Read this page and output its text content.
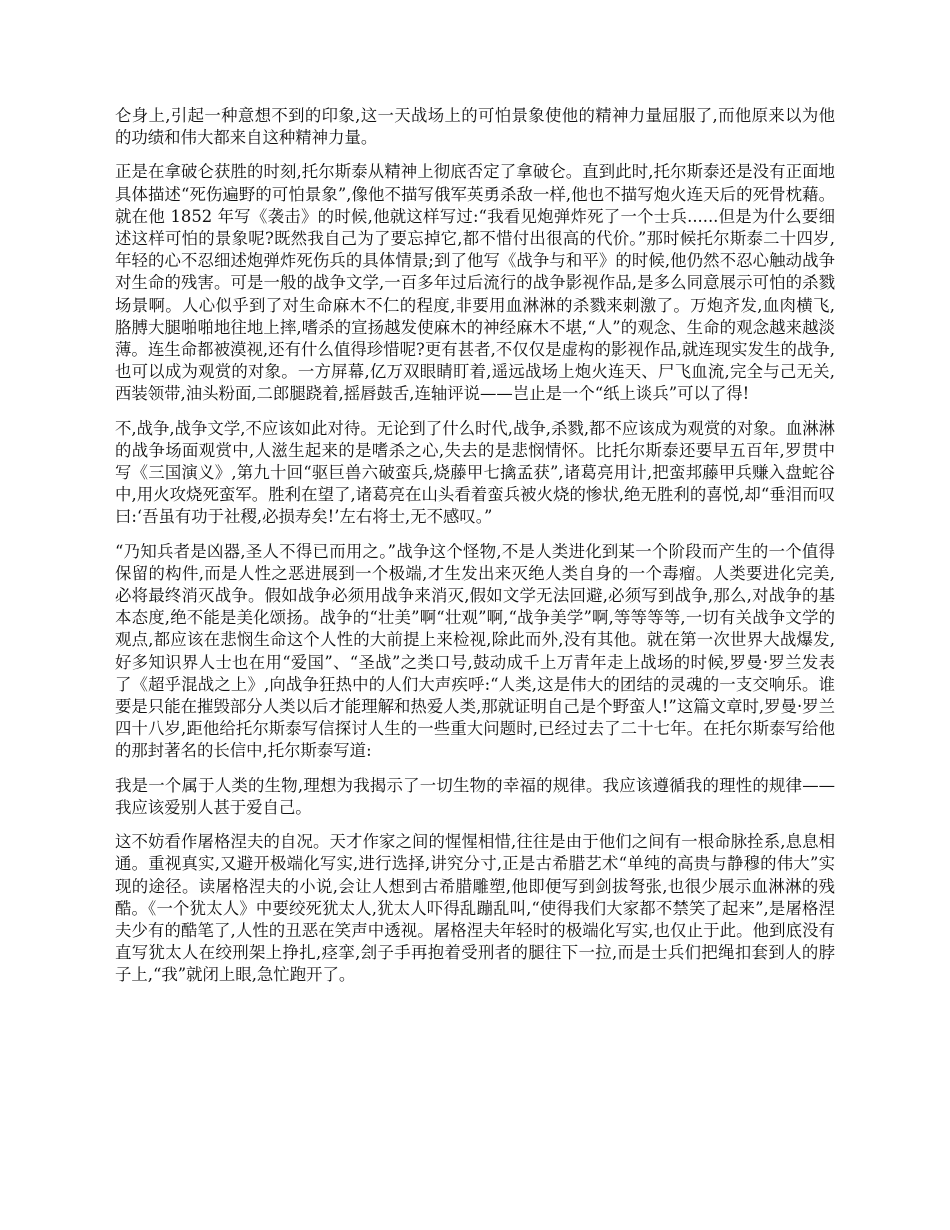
仑身上,引起一种意想不到的印象,这一天战场上的可怕景象使他的精神力量屈服了,而他原来以为他的功绩和伟大都来自这种精神力量。

正是在拿破仑获胜的时刻,托尔斯泰从精神上彻底否定了拿破仑。直到此时,托尔斯泰还是没有正面地具体描述“死伤遍野的可怕景象”,像他不描写俄军英勇杀敌一样,他也不描写炮火连天后的死骨枕藉。就在他 1852 年写《袭击》的时候,他就这样写过:“我看见炮弹炸死了一个士兵......但是为什么要细述这样可怕的景象呢?既然我自己为了要忘掉它,都不惜付出很高的代价。”那时候托尔斯泰二十四岁,年轻的心不忍细述炮弹炸死伤兵的具体情景;到了他写《战争与和平》的时候,他仍然不忍心触动战争对生命的残害。可是一般的战争文学,一百多年过后流行的战争影视作品,是多么同意展示可怕的杀戮场景啊。人心似乎到了对生命麻木不仁的程度,非要用血淋淋的杀戮来刺激了。万炮齐发,血肉横飞,胳膊大腿啪啪地往地上摔,嗜杀的宣扬越发使麻木的神经麻木不堪,“人”的观念、生命的观念越来越淡薄。连生命都被漠视,还有什么值得珍惜呢?更有甚者,不仅仅是虚构的影视作品,就连现实发生的战争,也可以成为观赏的对象。一方屏幕,亿万双眼睛盯着,遥远战场上炮火连天、尸飞血流,完全与己无关,西装领带,油头粉面,二郎腿跷着,摇唇鼓舌,连轴评说——岂止是一个“纸上谈兵”可以了得!

不,战争,战争文学,不应该如此对待。无论到了什么时代,战争,杀戮,都不应该成为观赏的对象。血淋淋的战争场面观赏中,人滋生起来的是嗜杀之心,失去的是悲悯情怀。比托尔斯泰还要早五百年,罗贯中写《三国演义》,第九十回“驱巨兽六破蛮兵,烧藤甲七擒孟获”,诸葛亮用计,把蛮邦藤甲兵赚入盘蛇谷中,用火攻烧死蛮军。胜利在望了,诸葛亮在山头看着蛮兵被火烧的惨状,绝无胜利的喜悦,却“垂泪而叹曰:‘吾虽有功于社稷,必损寿矣!’左右将士,无不感叹。”

“乃知兵者是凶器,圣人不得已而用之。”战争这个怪物,不是人类进化到某一个阶段而产生的一个值得保留的构件,而是人性之恶进展到一个极端,才生发出来灭绝人类自身的一个毒瘤。人类要进化完美,必将最终消灭战争。假如战争必须用战争来消灭,假如文学无法回避,必须写到战争,那么,对战争的基本态度,绝不能是美化颂扬。战争的“壮美”啊“壮观”啊,“战争美学”啊,等等等等,一切有关战争文学的观点,都应该在悲悯生命这个人性的大前提上来检视,除此而外,没有其他。就在第一次世界大战爆发,好多知识界人士也在用“爱国”、“圣战”之类口号,鼓动成千上万青年走上战场的时候,罗曼·罗兰发表了《超乎混战之上》,向战争狂热中的人们大声疾呼:“人类,这是伟大的团结的灵魂的一支交响乐。谁要是只能在摧毁部分人类以后才能理解和热爱人类,那就证明自己是个野蛮人!”这篇文章时,罗曼·罗兰四十八岁,距他给托尔斯泰写信探讨人生的一些重大问题时,已经过去了二十七年。在托尔斯泰写给他的那封著名的长信中,托尔斯泰写道:

我是一个属于人类的生物,理想为我揭示了一切生物的幸福的规律。我应该遵循我的理性的规律——我应该爱别人甚于爱自己。

这不妨看作屠格涅夫的自况。天才作家之间的惺惺相惜,往往是由于他们之间有一根命脉拴系,息息相通。重视真实,又避开极端化写实,进行选择,讲究分寸,正是古希腊艺术“单纯的高贵与静穆的伟大”实现的途径。读屠格涅夫的小说,会让人想到古希腊雕塑,他即便写到剑拔弩张,也很少展示血淋淋的残酷。《一个犹太人》中要绞死犹太人,犹太人吓得乱蹦乱叫,“使得我们大家都不禁笑了起来”,是屠格涅夫少有的酷笔了,人性的丑恶在笑声中透视。屠格涅夫年轻时的极端化写实,也仅止于此。他到底没有直写犹太人在绞刑架上挣扎,痉挛,刽子手再抱着受刑者的腿往下一拉,而是士兵们把绳扣套到人的脖子上,“我”就闭上眼,急忙跑开了。
